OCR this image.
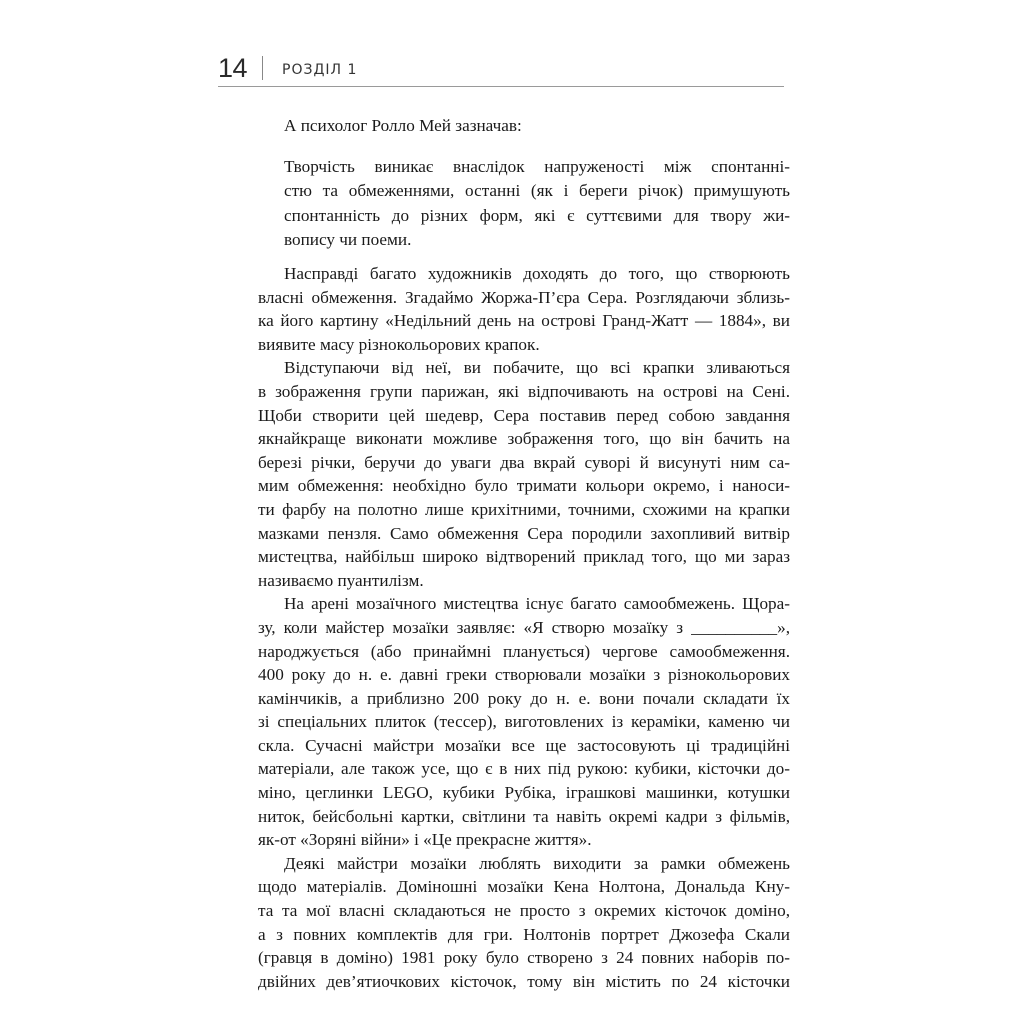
14 РОЗДІЛ 1

А психолог Ролло Мей зазначав:

Творчість виникає внаслідок напруженості між спонтанні-
стю та обмеженнями, останні (як і береги річок) примушують
спонтанність до різних форм, які є суттєвими для твору жи-
вопису чи поеми.
Насправді багато художників доходять до того, що створюють
власні обмеження. Згадаймо Жоржа-П’єра Сера. Розглядаючи зблизь-
ка його картину «Недільний день на острові Гранд-Жатт — 1884», ви
виявите масу різнокольорових крапок.
Відступаючи від неї, ви побачите, що всі крапки зливаються
в зображення групи парижан, які відпочивають на острові на Сені.
Щоби створити цей шедевр, Сера поставив перед собою завдання
якнайкраще виконати можливе зображення того, що він бачить на
березі річки, беручи до уваги два вкрай суворі й висунуті ним са-
мим обмеження: необхідно було тримати кольори окремо, і наноси-
ти фарбу на полотно лише крихітними, точними, схожими на крапки
мазками пензля. Само обмеження Сера породили захопливий витвір
мистецтва, найбільш широко відтворений приклад того, що ми зараз
називаємо пуантилізм.
На арені мозаїчного мистецтва існує багато самообмежень. Щора-
зу, коли майстер мозаїки заявляє: «Я створю мозаїку з __________»,
народжується (або принаймні планується) чергове самообмеження.
400 року до н. е. давні греки створювали мозаїки з різнокольорових
камінчиків, а приблизно 200 року до н. е. вони почали складати їх
зі спеціальних плиток (тессер), виготовлених із кераміки, каменю чи
скла. Сучасні майстри мозаїки все ще застосовують ці традиційні
матеріали, але також усе, що є в них під рукою: кубики, кісточки до-
міно, цеглинки LEGO, кубики Рубіка, іграшкові машинки, котушки
ниток, бейсбольні картки, світлини та навіть окремі кадри з фільмів,
як-от «Зоряні війни» і «Це прекрасне життя».
Деякі майстри мозаїки люблять виходити за рамки обмежень
щодо матеріалів. Доміношні мозаїки Кена Нолтона, Дональда Кну-
та та мої власні складаються не просто з окремих кісточок доміно,
а з повних комплектів для гри. Нолтонів портрет Джозефа Скали
(гравця в доміно) 1981 року було створено з 24 повних наборів по-
двійних дев’ятиочкових кісточок, тому він містить по 24 кісточки
